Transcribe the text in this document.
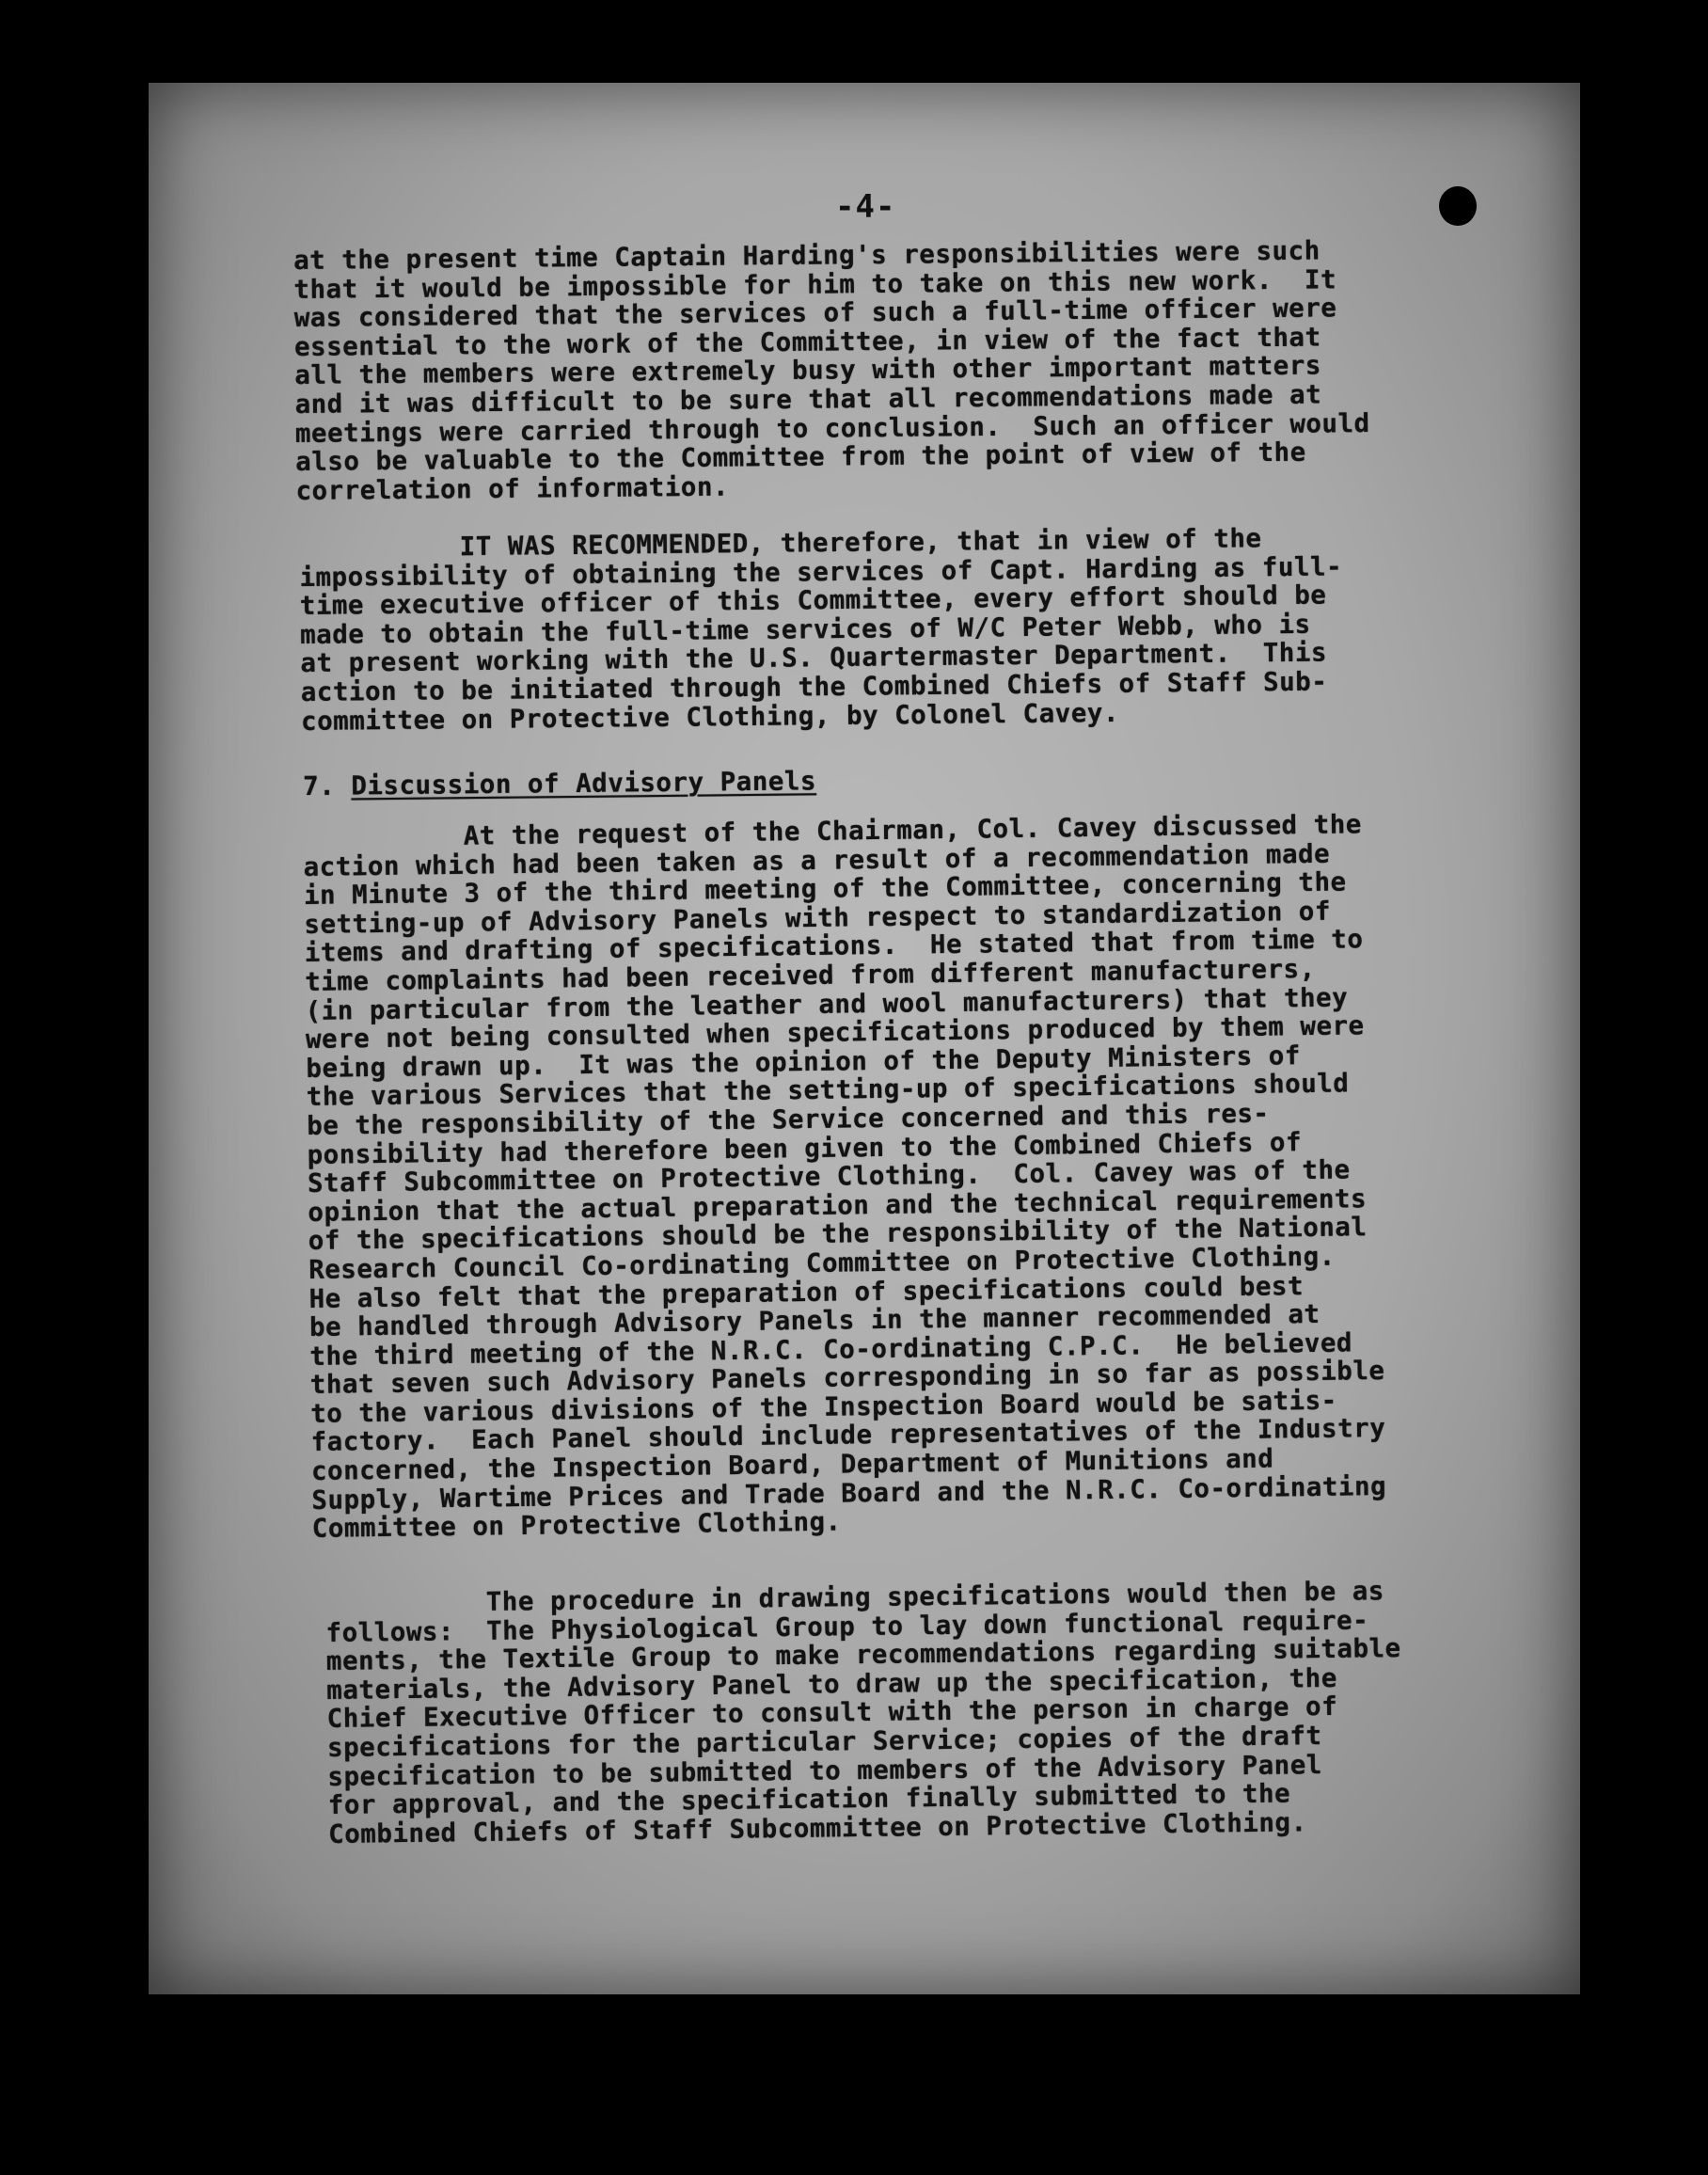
-4-
at the present time Captain Harding's responsibilities were such
that it would be impossible for him to take on this new work.  It
was considered that the services of such a full-time officer were
essential to the work of the Committee, in view of the fact that
all the members were extremely busy with other important matters
and it was difficult to be sure that all recommendations made at
meetings were carried through to conclusion.  Such an officer would
also be valuable to the Committee from the point of view of the
correlation of information.
IT WAS RECOMMENDED, therefore, that in view of the
impossibility of obtaining the services of Capt. Harding as full-
time executive officer of this Committee, every effort should be
made to obtain the full-time services of W/C Peter Webb, who is
at present working with the U.S. Quartermaster Department.  This
action to be initiated through the Combined Chiefs of Staff Sub-
committee on Protective Clothing, by Colonel Cavey.
7. Discussion of Advisory Panels
At the request of the Chairman, Col. Cavey discussed the
action which had been taken as a result of a recommendation made
in Minute 3 of the third meeting of the Committee, concerning the
setting-up of Advisory Panels with respect to standardization of
items and drafting of specifications.  He stated that from time to
time complaints had been received from different manufacturers,
(in particular from the leather and wool manufacturers) that they
were not being consulted when specifications produced by them were
being drawn up.  It was the opinion of the Deputy Ministers of
the various Services that the setting-up of specifications should
be the responsibility of the Service concerned and this res-
ponsibility had therefore been given to the Combined Chiefs of
Staff Subcommittee on Protective Clothing.  Col. Cavey was of the
opinion that the actual preparation and the technical requirements
of the specifications should be the responsibility of the National
Research Council Co-ordinating Committee on Protective Clothing.
He also felt that the preparation of specifications could best
be handled through Advisory Panels in the manner recommended at
the third meeting of the N.R.C. Co-ordinating C.P.C.  He believed
that seven such Advisory Panels corresponding in so far as possible
to the various divisions of the Inspection Board would be satis-
factory.  Each Panel should include representatives of the Industry
concerned, the Inspection Board, Department of Munitions and
Supply, Wartime Prices and Trade Board and the N.R.C. Co-ordinating
Committee on Protective Clothing.
The procedure in drawing specifications would then be as
follows:  The Physiological Group to lay down functional require-
ments, the Textile Group to make recommendations regarding suitable
materials, the Advisory Panel to draw up the specification, the
Chief Executive Officer to consult with the person in charge of
specifications for the particular Service; copies of the draft
specification to be submitted to members of the Advisory Panel
for approval, and the specification finally submitted to the
Combined Chiefs of Staff Subcommittee on Protective Clothing.
